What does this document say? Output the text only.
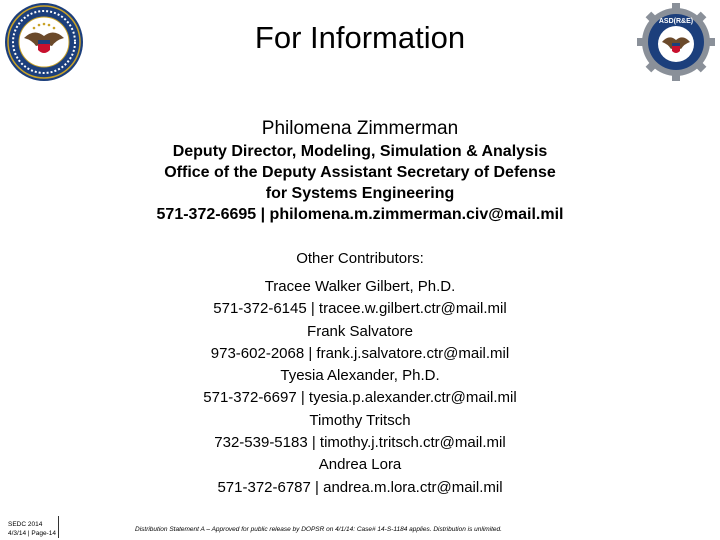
ASD(R&E)
For Information
Philomena Zimmerman
Deputy Director, Modeling, Simulation & Analysis
Office of the Deputy Assistant Secretary of Defense
for Systems Engineering
571-372-6695 | philomena.m.zimmerman.civ@mail.mil
Other Contributors:
Tracee Walker Gilbert, Ph.D.
571-372-6145 | tracee.w.gilbert.ctr@mail.mil
Frank Salvatore
973-602-2068 | frank.j.salvatore.ctr@mail.mil
Tyesia Alexander, Ph.D.
571-372-6697 | tyesia.p.alexander.ctr@mail.mil
Timothy Tritsch
732-539-5183 | timothy.j.tritsch.ctr@mail.mil
Andrea Lora
571-372-6787 | andrea.m.lora.ctr@mail.mil
SEDC 2014
4/3/14 | Page-14
Distribution Statement A – Approved for public release by DOPSR on 4/1/14: Case# 14-S-1184 applies. Distribution is unlimited.
